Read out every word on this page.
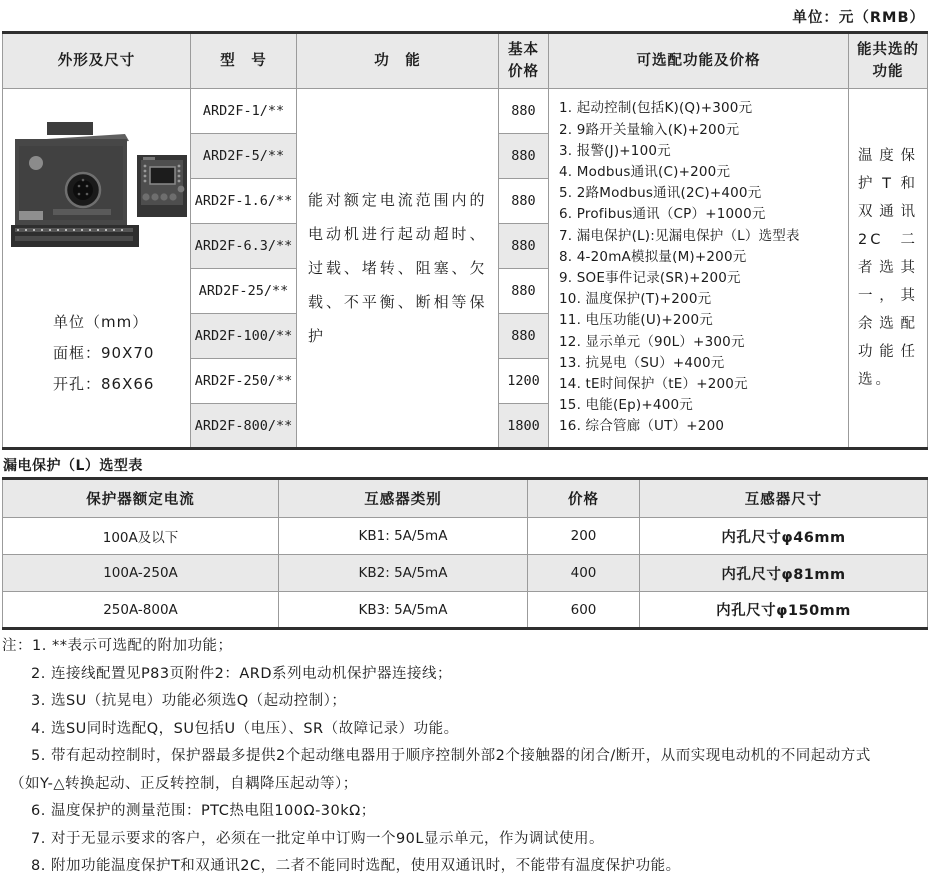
单位：元（RMB）
外形及尺寸	型　号	功　能	基本价格	可选配功能及价格	能共选的功能

单位（mm）
面框：90X70
开孔：86X66
	ARD2F-1/**	能对额定电流范围内的电动机进行起动超时、过载、堵转、阻塞、欠载、不平衡、断相等保护	880	1. 起动控制(包括K)(Q)+300元
2. 9路开关量输入(K)+200元
3. 报警(J)+100元
4. Modbus通讯(C)+200元
5. 2路Modbus通讯(2C)+400元
6. Profibus通讯（CP）+1000元
7. 漏电保护(L):见漏电保护（L）选型表
8. 4-20mA模拟量(M)+200元
9. SOE事件记录(SR)+200元
10. 温度保护(T)+200元
11. 电压功能(U)+200元
12. 显示单元（90L）+300元
13. 抗晃电（SU）+400元
14. tE时间保护（tE）+200元
15. 电能(Ep)+400元
16. 综合管廊（UT）+200
	温度保护T和双通讯2C二者选其一，其余选配功能任选。
	ARD2F-5/**		880		
	ARD2F-1.6/**		880		
	ARD2F-6.3/**		880		
	ARD2F-25/**		880		
	ARD2F-100/**		880		
	ARD2F-250/**		1200		
	ARD2F-800/**		1800		
漏电保护（L）选型表
保护器额定电流	互感器类别	价格	互感器尺寸
100A及以下	KB1: 5A/5mA	200	内孔尺寸φ46mm
100A-250A	KB2: 5A/5mA	400	内孔尺寸φ81mm
250A-800A	KB3: 5A/5mA	600	内孔尺寸φ150mm
注：1. **表示可选配的附加功能；
2. 连接线配置见P83页附件2：ARD系列电动机保护器连接线；
3. 选SU（抗晃电）功能必须选Q（起动控制）；
4. 选SU同时选配Q，SU包括U（电压）、SR（故障记录）功能。
5. 带有起动控制时，保护器最多提供2个起动继电器用于顺序控制外部2个接触器的闭合/断开，从而实现电动机的不同起动方式
（如Y-△转换起动、正反转控制，自耦降压起动等）；
6. 温度保护的测量范围：PTC热电阻100Ω-30kΩ；
7. 对于无显示要求的客户，必须在一批定单中订购一个90L显示单元，作为调试使用。
8. 附加功能温度保护T和双通讯2C，二者不能同时选配，使用双通讯时，不能带有温度保护功能。
